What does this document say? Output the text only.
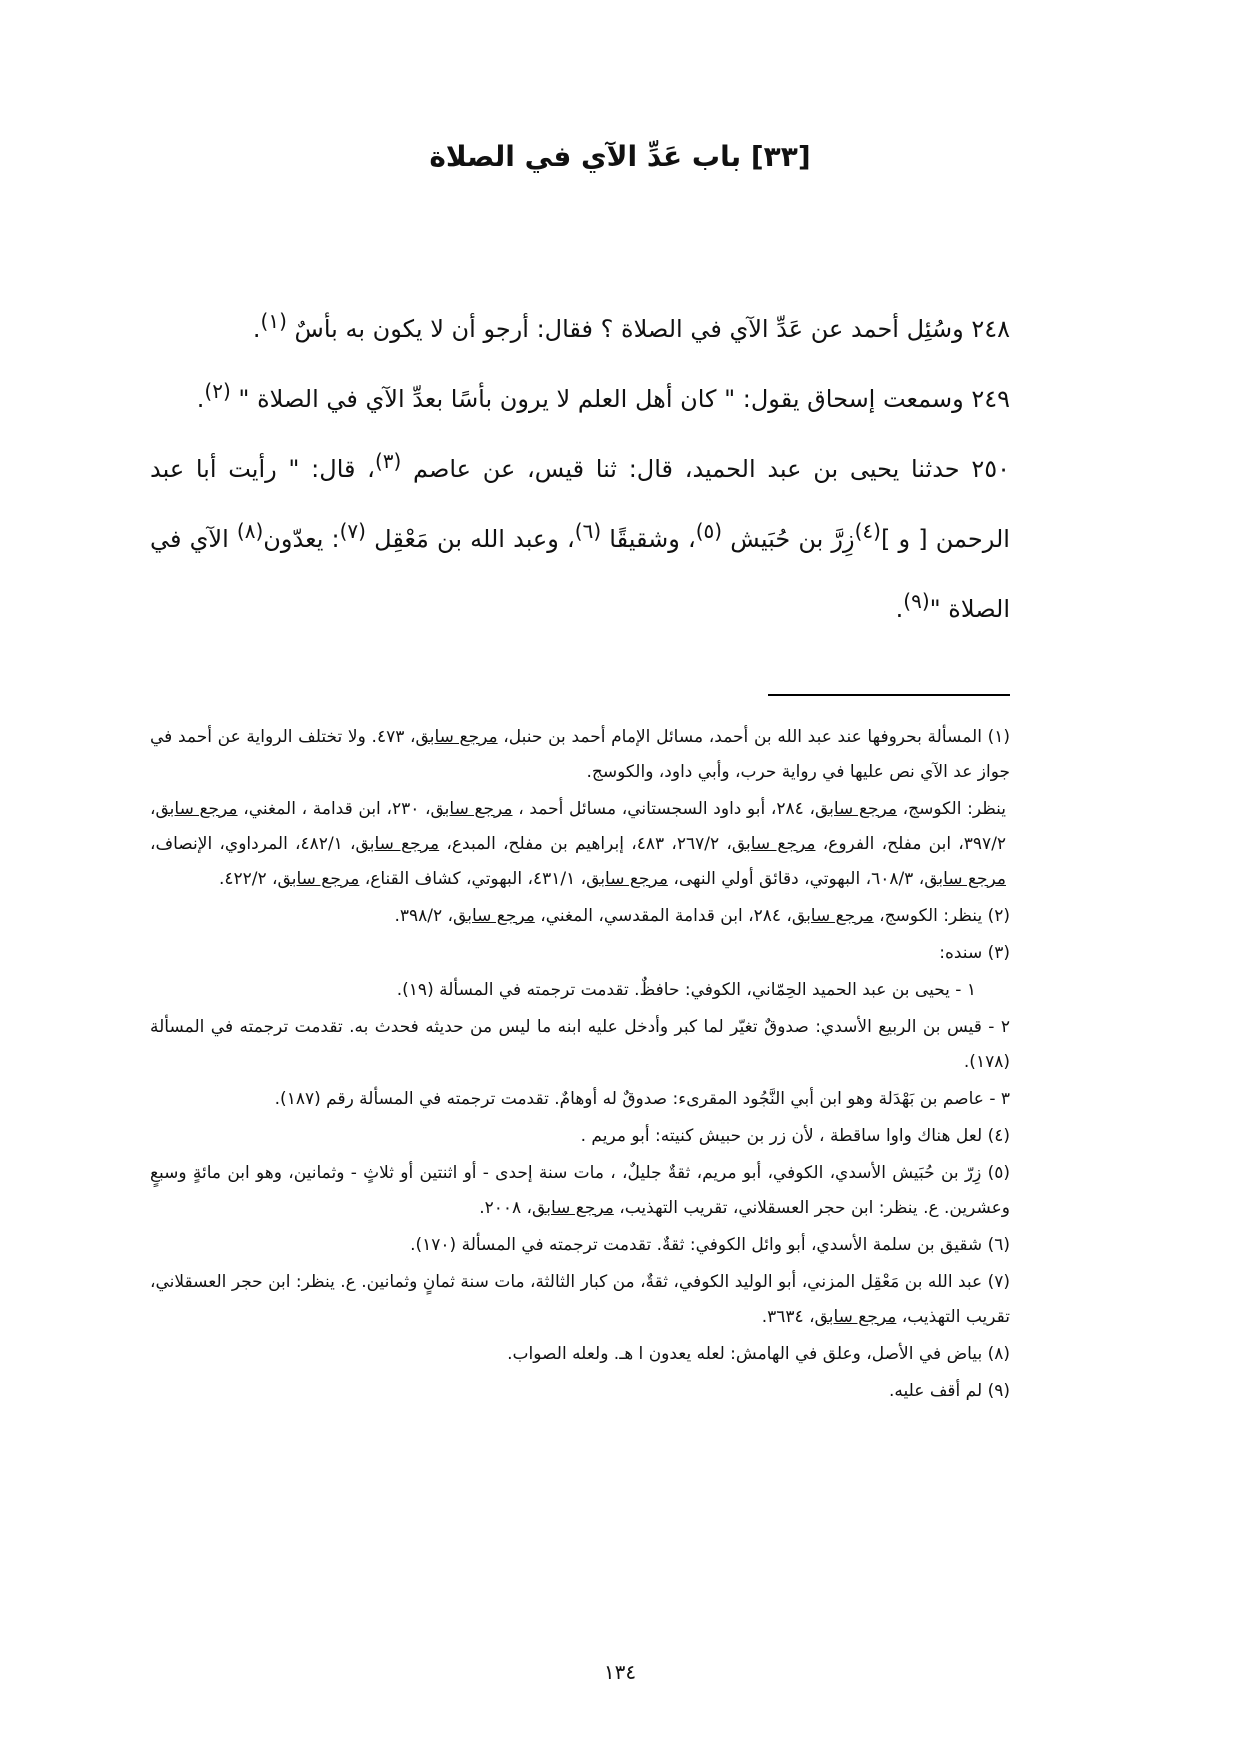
[٣٣] باب عَدِّ الآي في الصلاة

٢٤٨ وسُئِل أحمد عن عَدِّ الآي في الصلاة ؟ فقال: أرجو أن لا يكون به بأسٌ $^{(١)}$.

٢٤٩ وسمعت إسحاق يقول: " كان أهل العلم لا يرون بأسًا بعدِّ الآي في الصلاة " $^{(٢)}$.

٢٥٠ حدثنا يحيى بن عبد الحميد، قال: ثنا قيس، عن عاصم $^{(٣)}$، قال: " رأيت أبا عبد الرحمن [ و ]$^{(٤)}$زِرَّ بن حُبَيش $^{(٥)}$، وشقيقًا $^{(٦)}$، وعبد الله بن مَعْقِل $^{(٧)}$: يعدّون$^{(٨)}$ الآي في الصلاة "$^{(٩)}$.

(١) المسألة بحروفها عند عبد الله بن أحمد، مسائل الإمام أحمد بن حنبل، مرجع سابق، ٤٧٣. ولا تختلف الرواية عن أحمد في جواز عد الآي نص عليها في رواية حرب، وأبي داود، والكوسج.

ينظر: الكوسج، مرجع سابق، ٢٨٤، أبو داود السجستاني، مسائل أحمد ، مرجع سابق، ٢٣٠، ابن قدامة ، المغني، مرجع سابق، ٣٩٧/٢، ابن مفلح، الفروع، مرجع سابق، ٢٦٧/٢، ٤٨٣، إبراهيم بن مفلح، المبدع، مرجع سابق، ٤٨٢/١، المرداوي، الإنصاف، مرجع سابق، ٦٠٨/٣، البهوتي، دقائق أولي النهى، مرجع سابق، ٤٣١/١، البهوتي، كشاف القناع، مرجع سابق، ٤٢٢/٢.

(٢) ينظر: الكوسج، مرجع سابق، ٢٨٤، ابن قدامة المقدسي، المغني، مرجع سابق، ٣٩٨/٢.

(٣) سنده:

١ - يحيى بن عبد الحميد الحِمّاني، الكوفي: حافظٌ. تقدمت ترجمته في المسألة (١٩).

٢ - قيس بن الربيع الأسدي: صدوقٌ تغيّر لما كبر وأدخل عليه ابنه ما ليس من حديثه فحدث به. تقدمت ترجمته في المسألة (١٧٨).

٣ - عاصم بن بَهْدَلة وهو ابن أبي النَّجُود المقرىء: صدوقٌ له أوهامٌ. تقدمت ترجمته في المسألة رقم (١٨٧).

(٤) لعل هناك واوا ساقطة ، لأن زر بن حبيش كنيته: أبو مريم .

(٥) زِرّ بن حُبَيش الأسدي، الكوفي، أبو مريم، ثقةٌ جليلٌ، ، مات سنة إحدى - أو اثنتين أو ثلاثٍ - وثمانين، وهو ابن مائةٍ وسبعٍ وعشرين. ع. ينظر: ابن حجر العسقلاني، تقريب التهذيب، مرجع سابق، ٢٠٠٨.

(٦) شقيق بن سلمة الأسدي، أبو وائل الكوفي: ثقةٌ. تقدمت ترجمته في المسألة (١٧٠).

(٧) عبد الله بن مَعْقِل المزني، أبو الوليد الكوفي، ثقةٌ، من كبار الثالثة، مات سنة ثمانٍ وثمانين. ع. ينظر: ابن حجر العسقلاني، تقريب التهذيب، مرجع سابق، ٣٦٣٤.

(٨) بياض في الأصل، وعلق في الهامش: لعله يعدون ا هـ. ولعله الصواب.

(٩) لم أقف عليه.

١٣٤
